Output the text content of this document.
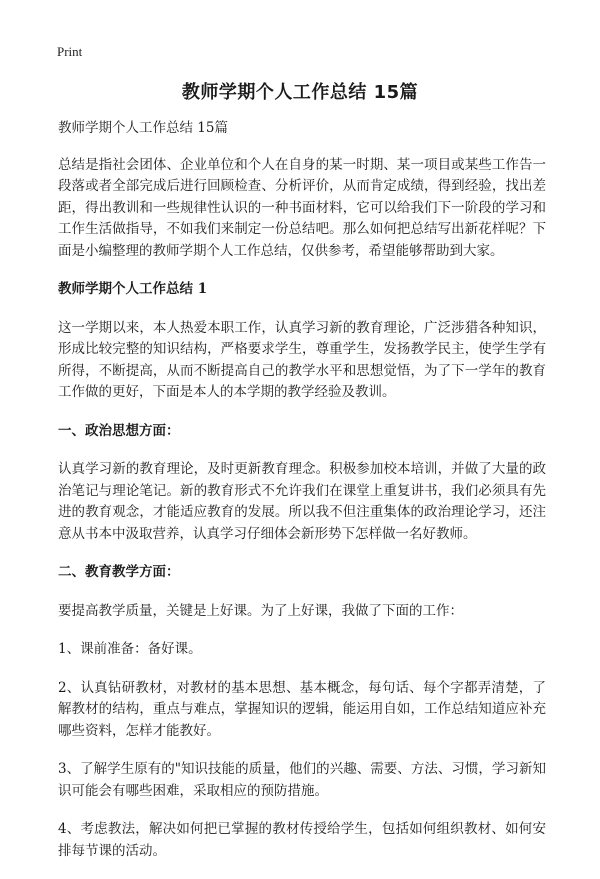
Print
教师学期个人工作总结 15篇

教师学期个人工作总结 15篇

总结是指社会团体、企业单位和个人在自身的某一时期、某一项目或某些工作告一段落或者全部完成后进行回顾检查、分析评价，从而肯定成绩，得到经验，找出差距，得出教训和一些规律性认识的一种书面材料，它可以给我们下一阶段的学习和工作生活做指导，不如我们来制定一份总结吧。那么如何把总结写出新花样呢？下面是小编整理的教师学期个人工作总结，仅供参考，希望能够帮助到大家。

教师学期个人工作总结 1

这一学期以来，本人热爱本职工作，认真学习新的教育理论，广泛涉猎各种知识，形成比较完整的知识结构，严格要求学生，尊重学生，发扬教学民主，使学生学有所得，不断提高，从而不断提高自己的教学水平和思想觉悟，为了下一学年的教育工作做的更好，下面是本人的本学期的教学经验及教训。

一、政治思想方面：

认真学习新的教育理论，及时更新教育理念。积极参加校本培训，并做了大量的政治笔记与理论笔记。新的教育形式不允许我们在课堂上重复讲书，我们必须具有先进的教育观念，才能适应教育的发展。所以我不但注重集体的政治理论学习，还注意从书本中汲取营养，认真学习仔细体会新形势下怎样做一名好教师。

二、教育教学方面：

要提高教学质量，关键是上好课。为了上好课，我做了下面的工作：

1、课前准备：备好课。

2、认真钻研教材，对教材的基本思想、基本概念，每句话、每个字都弄清楚，了解教材的结构，重点与难点，掌握知识的逻辑，能运用自如，工作总结知道应补充哪些资料，怎样才能教好。

3、了解学生原有的"知识技能的质量，他们的兴趣、需要、方法、习惯，学习新知识可能会有哪些困难，采取相应的预防措施。

4、考虑教法，解决如何把已掌握的教材传授给学生，包括如何组织教材、如何安排每节课的活动。
